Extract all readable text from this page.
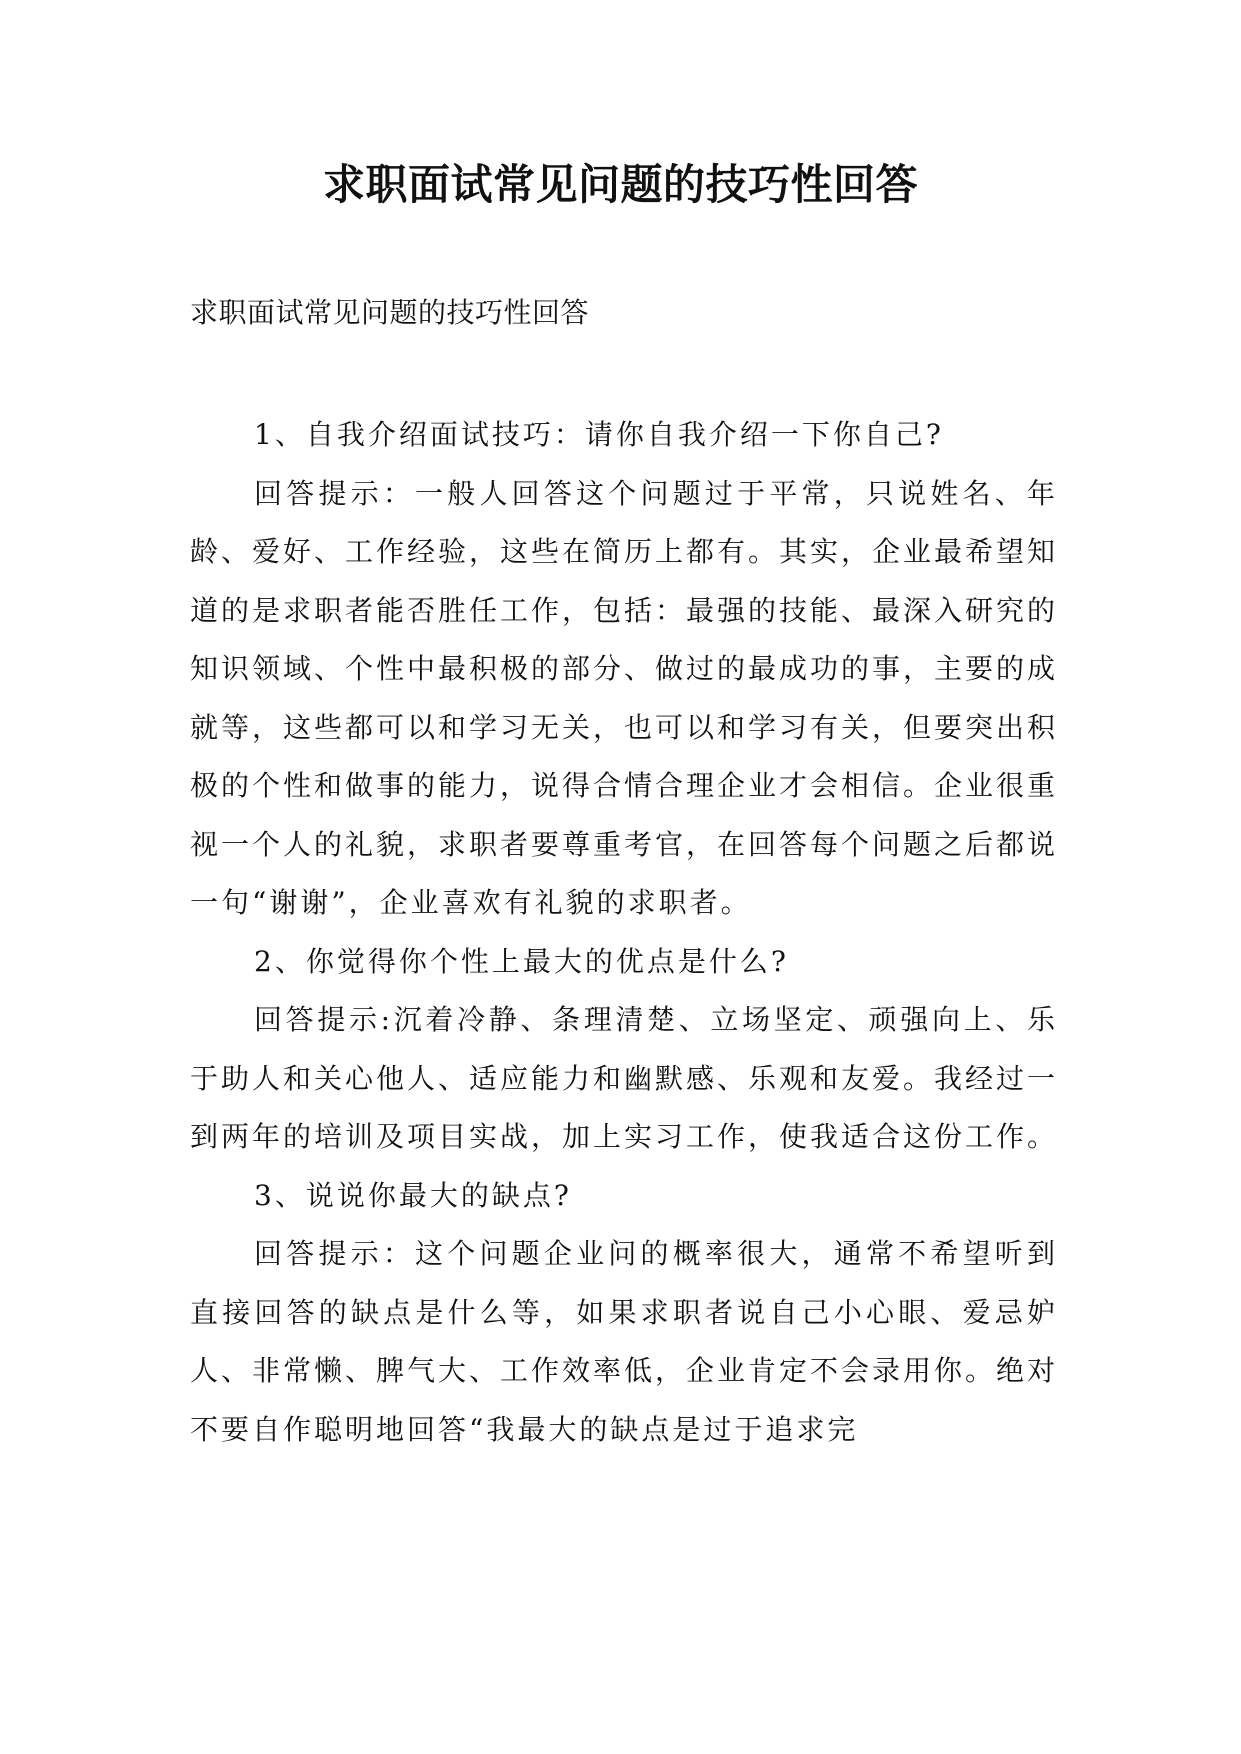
求职面试常见问题的技巧性回答
求职面试常见问题的技巧性回答

1、自我介绍面试技巧：请你自我介绍一下你自己?

回答提示：一般人回答这个问题过于平常，只说姓名、年龄、爱好、工作经验，这些在简历上都有。其实，企业最希望知道的是求职者能否胜任工作，包括：最强的技能、最深入研究的知识领域、个性中最积极的部分、做过的最成功的事，主要的成就等，这些都可以和学习无关，也可以和学习有关，但要突出积极的个性和做事的能力，说得合情合理企业才会相信。企业很重视一个人的礼貌，求职者要尊重考官，在回答每个问题之后都说一句“谢谢”，企业喜欢有礼貌的求职者。

2、你觉得你个性上最大的优点是什么?

回答提示:沉着冷静、条理清楚、立场坚定、顽强向上、乐于助人和关心他人、适应能力和幽默感、乐观和友爱。我经过一到两年的培训及项目实战，加上实习工作，使我适合这份工作。

3、说说你最大的缺点?

回答提示：这个问题企业问的概率很大，通常不希望听到直接回答的缺点是什么等，如果求职者说自己小心眼、爱忌妒人、非常懒、脾气大、工作效率低，企业肯定不会录用你。绝对不要自作聪明地回答“我最大的缺点是过于追求完
